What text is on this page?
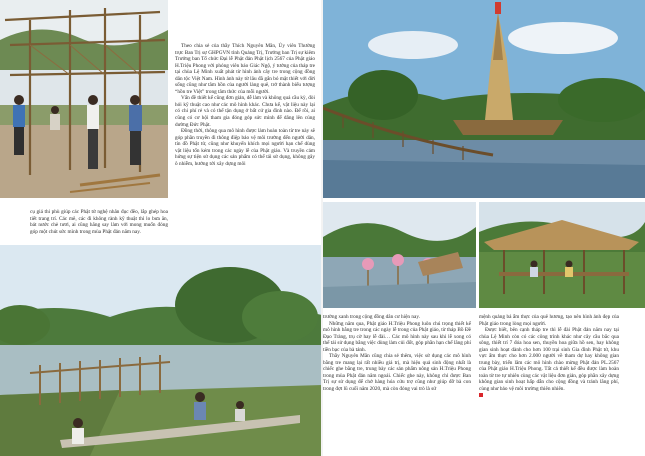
cụ giá thi phù giúp các Phật tử nghệ nhân đục đẽo, lắp ghép hoa tiết trang trí. Các mê, các đi không rành kỹ thuật thì lo bưa ăn, bát nước chè tươi, ai cũng hăng say làm với mong muốn đóng góp một chút sức mình trong mùa Phật đản năm nay.

Theo chia sẻ của thầy Thích Nguyên Mãn, Ủy viên Thường trực Ban Trị sự GHPGVN tỉnh Quảng Trị, Trưởng ban Trị sự kiêm Trưởng ban Tổ chức Đại lễ Phật đản Phật lịch 2567 của Phật giáo H.Triệu Phong với phóng viên báo Giác Ngộ, ý tưởng của tháp tre tại chùa Lệ Minh xuất phát từ hình ảnh cây tre trong cộng đồng dân tộc Việt Nam. Hình ảnh này từ lâu đã gắn bó mật thiết với đời sống cũng như tâm hồn của người làng quê, trở thành biểu tượng “hồn tre Việt” trong tâm thức của mỗi người.

Vấn đề thiết kế cũng đơn giản, dễ làm và không quá cầu kỳ, đòi hỏi kỹ thuật cao như các mô hình khác. Chưa kể, vật liệu này lại có chi phí rẻ và có thể tận dụng ở bất cứ gia đình nào. Để rồi, ai cũng có cơ hội tham gia đóng góp sức mình để dâng lên cúng dường Đức Phật.

Đồng thời, thông qua mô hình được làm hoàn toàn từ tre này sẽ góp phần truyền đi thông điệp bảo vệ môi trường đến người dân, tín đồ Phật tử, cũng như khuyến khích mọi người hạn chế dùng vật liệu tốn kém trong các ngày lễ của Phật giáo. Và truyền cảm hứng sự tiện sử dụng các sản phẩm có thể tái sử dụng, không gây ô nhiễm, hướng tới xây dựng môi

trường xanh trong cộng đồng dân cư hiện nay.

Những năm qua, Phật giáo H.Triệu Phong luôn chú trọng thiết kế mô hình bằng tre trong các ngày lễ trong của Phật giáo, từ tháp Bồ Đề Đạo Tràng, trụ cờ hay lễ đài… Các mô hình này sau khi lễ xong có thể tái sử dụng bằng việc dùng làm củi đốt, góp phần hạn chế lãng phí tiền bạc của bà tánh.

Thầy Nguyên Mãn cũng chia sẻ thêm, việc sử dụng các mô hình bằng tre mang lại rất nhiều giá trị, mà hiệu quả sinh động nhất là chiếc ghe bằng tre, trung bày các sản phẩm nông sản H.Triệu Phong trong mùa Phật đản năm ngoái. Chiếc ghe này, không chỉ được Ban Trị sự sử dụng để chở hàng hóa cứu trợ cũng như giúp đỡ bà con trong đợt lũ cuối năm 2020, mà còn đóng vai trò là sứ

mệnh quảng bá ẩm thực của quê hương, tạo nên hình ảnh đẹp của Phật giáo trong lòng mọi người.

Được biết, bên cạnh tháp tre thì lễ đài Phật đản năm nay tại chùa Lệ Minh còn có các công trình khác như cây cầu bắc qua sông, thiết trí 7 đóa hoa sen, thuyền hoa giữa hồ sen, hay không gian sinh hoạt dành cho hơn 100 trại sinh Gia đình Phật tử, khu vực ẩm thực cho hơn 2.000 người về tham dự hay không gian trung bày, triển lãm các mô hình chào mừng Phật đản PL.2567 của Phật giáo H.Triệu Phong. Tất cả thiết kế đều được làm hoàn toàn từ tre tự nhiên cùng các vật liệu đơn giản, góp phần xây dựng không gian sinh hoạt hấp dẫn cho cộng đồng và tránh lãng phí, cùng như bảo vệ môi trường thiên nhiên.
